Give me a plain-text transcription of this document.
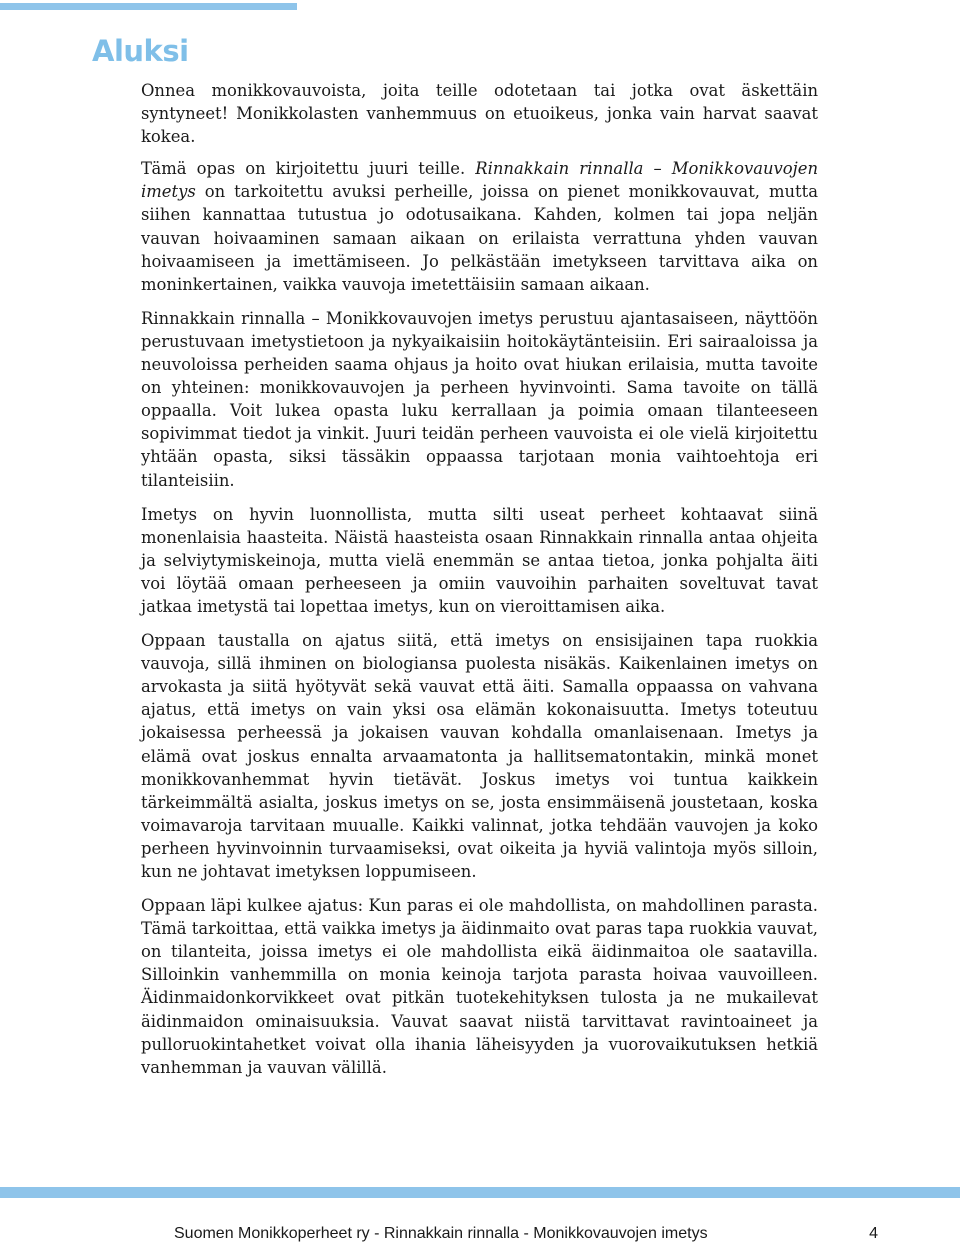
Aluksi

Onnea monikkovauvoista, joita teille odotetaan tai jotka ovat äskettäin syntyneet! Monikkolasten vanhemmuus on etuoikeus, jonka vain harvat saavat kokea.

Tämä opas on kirjoitettu juuri teille. Rinnakkain rinnalla – Monikkovauvojen imetys on tarkoitettu avuksi perheille, joissa on pienet monikkovauvat, mutta siihen kannattaa tutustua jo odotusaikana. Kahden, kolmen tai jopa neljän vauvan hoivaaminen samaan aikaan on erilaista verrattuna yhden vauvan hoivaamiseen ja imettämiseen. Jo pelkästään imetykseen tarvittava aika on moninkertainen, vaikka vauvoja imetettäisiin samaan aikaan.

Rinnakkain rinnalla – Monikkovauvojen imetys perustuu ajantasaiseen, näyttöön perustuvaan imetystietoon ja nykyaikaisiin hoitokäytänteisiin. Eri sairaaloissa ja neuvoloissa perheiden saama ohjaus ja hoito ovat hiukan erilaisia, mutta tavoite on yhteinen: monikkovauvojen ja perheen hyvinvointi. Sama tavoite on tällä oppaalla. Voit lukea opasta luku kerrallaan ja poimia omaan tilanteeseen sopivimmat tiedot ja vinkit. Juuri teidän perheen vauvoista ei ole vielä kirjoitettu yhtään opasta, siksi tässäkin oppaassa tarjotaan monia vaihtoehtoja eri tilanteisiin.

Imetys on hyvin luonnollista, mutta silti useat perheet kohtaavat siinä monenlaisia haasteita. Näistä haasteista osaan Rinnakkain rinnalla antaa ohjeita ja selviytymiskeinoja, mutta vielä enemmän se antaa tietoa, jonka pohjalta äiti voi löytää omaan perheeseen ja omiin vauvoihin parhaiten soveltuvat tavat jatkaa imetystä tai lopettaa imetys, kun on vieroittamisen aika.

Oppaan taustalla on ajatus siitä, että imetys on ensisijainen tapa ruokkia vauvoja, sillä ihminen on biologiansa puolesta nisäkäs. Kaikenlainen imetys on arvokasta ja siitä hyötyvät sekä vauvat että äiti. Samalla oppaassa on vahvana ajatus, että imetys on vain yksi osa elämän kokonaisuutta. Imetys toteutuu jokaisessa perheessä ja jokaisen vauvan kohdalla omanlaisenaan. Imetys ja elämä ovat joskus ennalta arvaamatonta ja hallitsematontakin, minkä monet monikkovanhemmat hyvin tietävät. Joskus imetys voi tuntua kaikkein tärkeimmältä asialta, joskus imetys on se, josta ensimmäisenä joustetaan, koska voimavaroja tarvitaan muualle. Kaikki valinnat, jotka tehdään vauvojen ja koko perheen hyvinvoinnin turvaamiseksi, ovat oikeita ja hyviä valintoja myös silloin, kun ne johtavat imetyksen loppumiseen.

Oppaan läpi kulkee ajatus: Kun paras ei ole mahdollista, on mahdollinen parasta. Tämä tarkoittaa, että vaikka imetys ja äidinmaito ovat paras tapa ruokkia vauvat, on tilanteita, joissa imetys ei ole mahdollista eikä äidinmaitoa ole saatavilla. Silloinkin vanhemmilla on monia keinoja tarjota parasta hoivaa vauvoilleen. Äidinmaidonkorvikkeet ovat pitkän tuotekehityksen tulosta ja ne mukailevat äidinmaidon ominaisuuksia. Vauvat saavat niistä tarvittavat ravintoaineet ja pulloruokintahetket voivat olla ihania läheisyyden ja vuorovaikutuksen hetkiä vanhemman ja vauvan välillä.

Suomen Monikkoperheet ry - Rinnakkain rinnalla - Monikkovauvojen imetys	4
